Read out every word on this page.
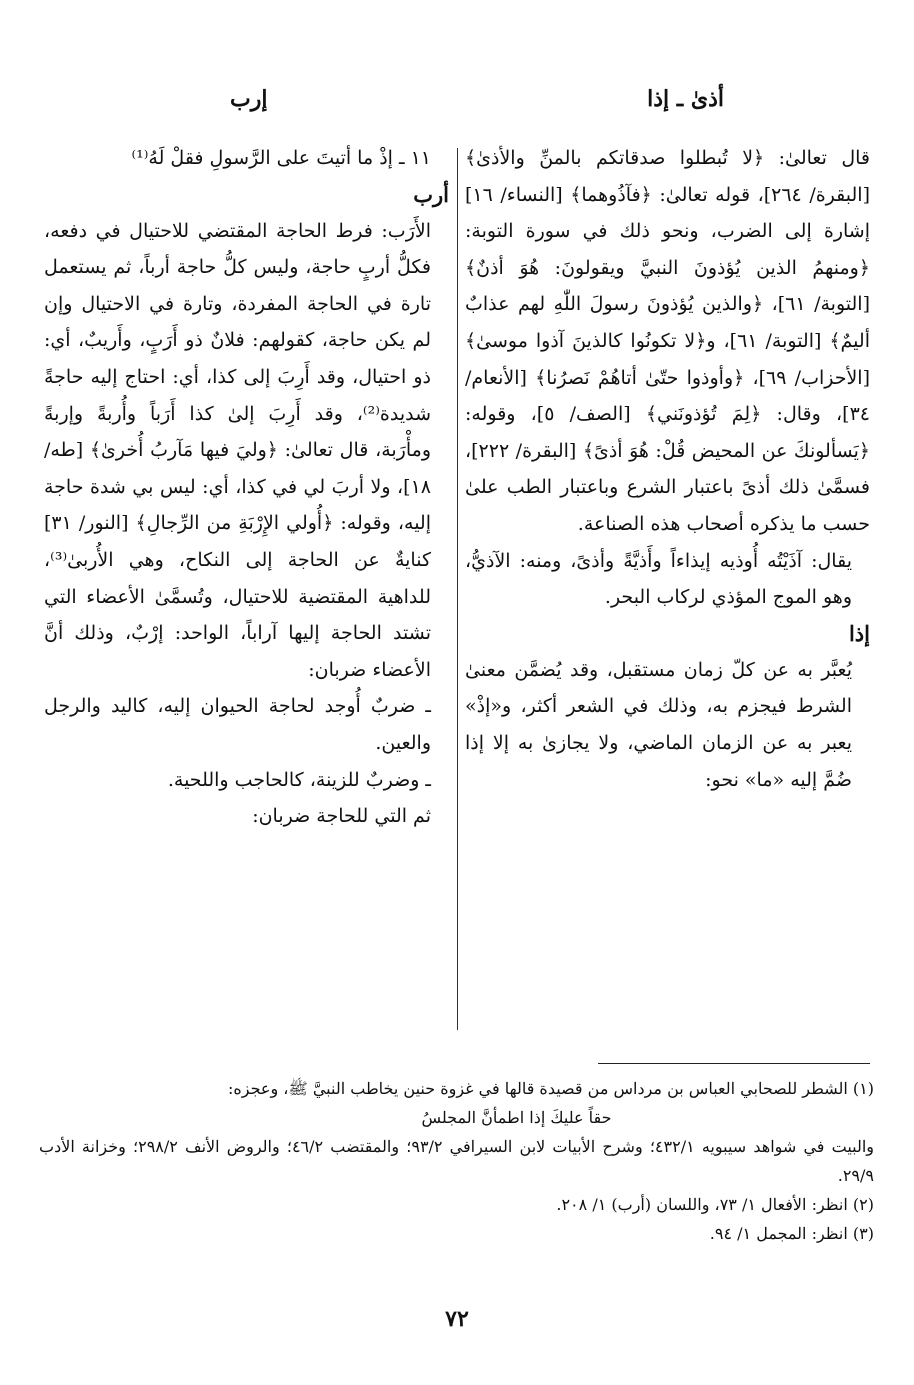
أذىٰ ـ إذا
إرب

قال تعالىٰ: ﴿لا تُبطلوا صدقاتكم بالمنِّ والأذىٰ﴾ [البقرة/ ٢٦٤]، قوله تعالىٰ: ﴿فآذُوهما﴾ [النساء/ ١٦] إشارة إلى الضرب، ونحو ذلك في سورة التوبة: ﴿ومنهمُ الذين يُؤذونَ النبيَّ ويقولونَ: هُوَ أذنٌ﴾ [التوبة/ ٦١]، ﴿والذين يُؤذونَ رسولَ اللّٰهِ لهم عذابٌ أليمٌ﴾ [التوبة/ ٦١]، و﴿لا تكونُوا كالذينَ آذوا موسىٰ﴾ [الأحزاب/ ٦٩]، ﴿وأوذوا حتّىٰ أتاهُمْ نَصرُنا﴾ [الأنعام/ ٣٤]، وقال: ﴿لِمَ تُؤذونَني﴾ [الصف/ ٥]، وقوله: ﴿يَسألونكَ عن المحيض قُلْ: هُوَ أذىً﴾ [البقرة/ ٢٢٢]، فسمَّىٰ ذلك أذىً باعتبار الشرع وباعتبار الطب علىٰ حسب ما يذكره أصحاب هذه الصناعة.

يقال: آذَيْتُه أُوذيه إيذاءاً وأَذيَّةً وأذىً، ومنه: الآذيُّ، وهو الموج المؤذي لركاب البحر.

إذا

يُعبَّر به عن كلّ زمان مستقبل، وقد يُضمَّن معنىٰ الشرط فيجزم به، وذلك في الشعر أكثر، و«إذْ» يعبر به عن الزمان الماضي، ولا يجازىٰ به إلا إذا ضُمَّ إليه «ما» نحو:

١١ ـ إذْ ما أتيتَ على الرَّسولِ فقلْ لَهُ⁽¹⁾

أرب

الأَرَب: فرط الحاجة المقتضي للاحتيال في دفعه، فكلُّ أربٍ حاجة، وليس كلُّ حاجة أرباً، ثم يستعمل تارة في الحاجة المفردة، وتارة في الاحتيال وإن لم يكن حاجة، كقولهم: فلانٌ ذو أَرَبٍ، وأَريبٌ، أي: ذو احتيال، وقد أَرِبَ إلى كذا، أي: احتاج إليه حاجةً شديدة⁽²⁾، وقد أَرِبَ إلىٰ كذا أَرَباً وأُربةً وإربةً ومأْرَبة، قال تعالىٰ: ﴿وليَ فيها مَآربُ أُخرىٰ﴾ [طه/ ١٨]، ولا أربَ لي في كذا، أي: ليس بي شدة حاجة إليه، وقوله: ﴿أُولي الإِرْبَةِ من الرِّجالِ﴾ [النور/ ٣١] كنايةٌ عن الحاجة إلى النكاح، وهي الأُربىٰ⁽³⁾، للداهية المقتضية للاحتيال، وتُسمَّىٰ الأعضاء التي تشتد الحاجة إليها آراباً، الواحد: إرْبٌ، وذلك أنَّ الأعضاء ضربان:

ـ ضربٌ أُوجد لحاجة الحيوان إليه، كاليد والرجل والعين.

ـ وضربٌ للزينة، كالحاجب واللحية.

ثم التي للحاجة ضربان:

(١) الشطر للصحابي العباس بن مرداس من قصيدة قالها في غزوة حنين يخاطب النبيَّ ﷺ، وعجزه:

حقاً عليكَ إذا اطمأنَّ المجلسُ

والبيت في شواهد سيبويه ٤٣٢/١؛ وشرح الأبيات لابن السيرافي ٩٣/٢؛ والمقتضب ٤٦/٢؛ والروض الأنف ٢٩٨/٢؛ وخزانة الأدب ٢٩/٩.

(٢) انظر: الأفعال ١/ ٧٣، واللسان (أرب) ١/ ٢٠٨.

(٣) انظر: المجمل ١/ ٩٤.

٧٢
